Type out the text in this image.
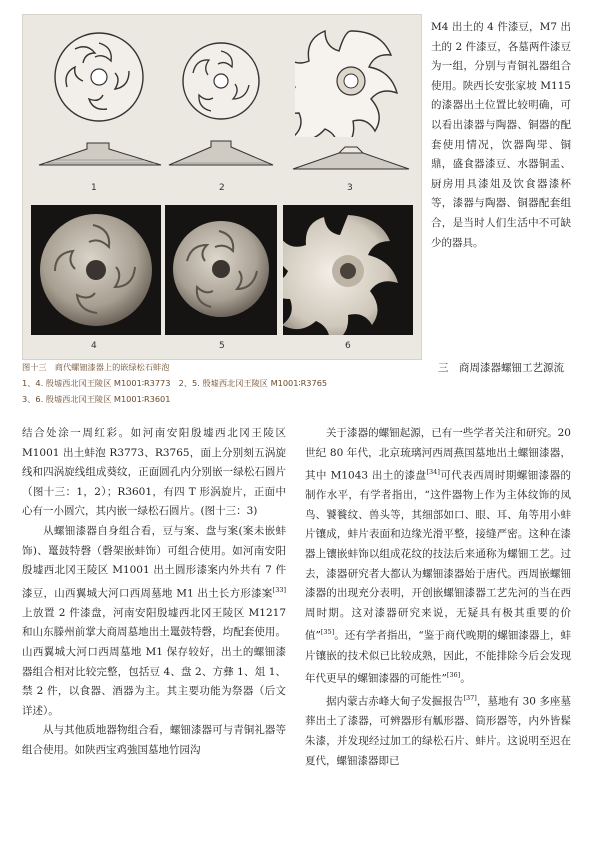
1	2	3
4	5	6
图十三　商代螺钿漆器上的嵌绿松石蚌泡
1、4. 殷墟西北冈王陵区 M1001∶R3773　2、5. 殷墟西北冈王陵区 M1001∶R3765
3、6. 殷墟西北冈王陵区 M1001∶R3601

M4 出土的 4 件漆豆，M7 出土的 2 件漆豆，各墓两件漆豆为一组，分别与青铜礼器组合使用。陕西长安张家坡 M115 的漆器出土位置比较明确，可以看出漆器与陶器、铜器的配套使用情况，饮器陶斝、铜鼎，盛食器漆豆、水器铜盂、厨房用具漆俎及饮食器漆杯等，漆器与陶器、铜器配套组合，是当时人们生活中不可缺少的器具。

三　商周漆器螺钿工艺源流

结合处涂一周红彩。如河南安阳殷墟西北冈王陵区 M1001 出土蚌泡 R3773、R3765，面上分别刻五涡旋线和四涡旋线组成葵纹，正面圆孔内分别嵌一绿松石圆片（图十三：1，2）；R3601，有四 T 形涡旋片，正面中心有一小圆穴，其内嵌一绿松石圆片。(图十三：3)

从螺钿漆器自身组合看，豆与案、盘与案(案未嵌蚌饰)、鼍鼓特磬（磬架嵌蚌饰）可组合使用。如河南安阳殷墟西北冈王陵区 M1001 出土圆形漆案内外共有 7 件漆豆，山西翼城大河口西周墓地 M1 出土长方形漆案[33]上放置 2 件漆盘，河南安阳殷墟西北冈王陵区 M1217 和山东滕州前掌大商周墓地出土鼍鼓特磬，均配套使用。山西翼城大河口西周墓地 M1 保存较好，出土的螺钿漆器组合相对比较完整，包括豆 4、盘 2、方彝 1、俎 1、禁 2 件，以食器、酒器为主。其主要功能为祭器（后文详述）。

从与其他质地器物组合看，螺钿漆器可与青铜礼器等组合使用。如陕西宝鸡強国墓地竹园沟

关于漆器的螺钿起源，已有一些学者关注和研究。20 世纪 80 年代，北京琉璃河西周燕国墓地出土螺钿漆器，其中 M1043 出土的漆盘[34]可代表西周时期螺钿漆器的制作水平，有学者指出，“这件器物上作为主体纹饰的凤鸟、饕餮纹、兽头等，其细部如口、眼、耳、角等用小蚌片镶成，蚌片表面和边缘光滑平整，接缝严密。这种在漆器上镶嵌蚌饰以组成花纹的技法后来通称为螺钿工艺。过去，漆器研究者大都认为螺钿漆器始于唐代。西周嵌螺钿漆器的出现充分表明，开创嵌螺钿漆器工艺先河的当在西周时期。这对漆器研究来说，无疑具有极其重要的价值”[35]。还有学者指出，“鉴于商代晚期的螺钿漆器上，蚌片镶嵌的技术似已比较成熟，因此，不能排除今后会发现年代更早的螺钿漆器的可能性”[36]。

据内蒙古赤峰大甸子发掘报告[37]，墓地有 30 多座墓葬出土了漆器，可辨器形有觚形器、筒形器等，内外皆髹朱漆，并发现经过加工的绿松石片、蚌片。这说明至迟在夏代，螺钿漆器即已
